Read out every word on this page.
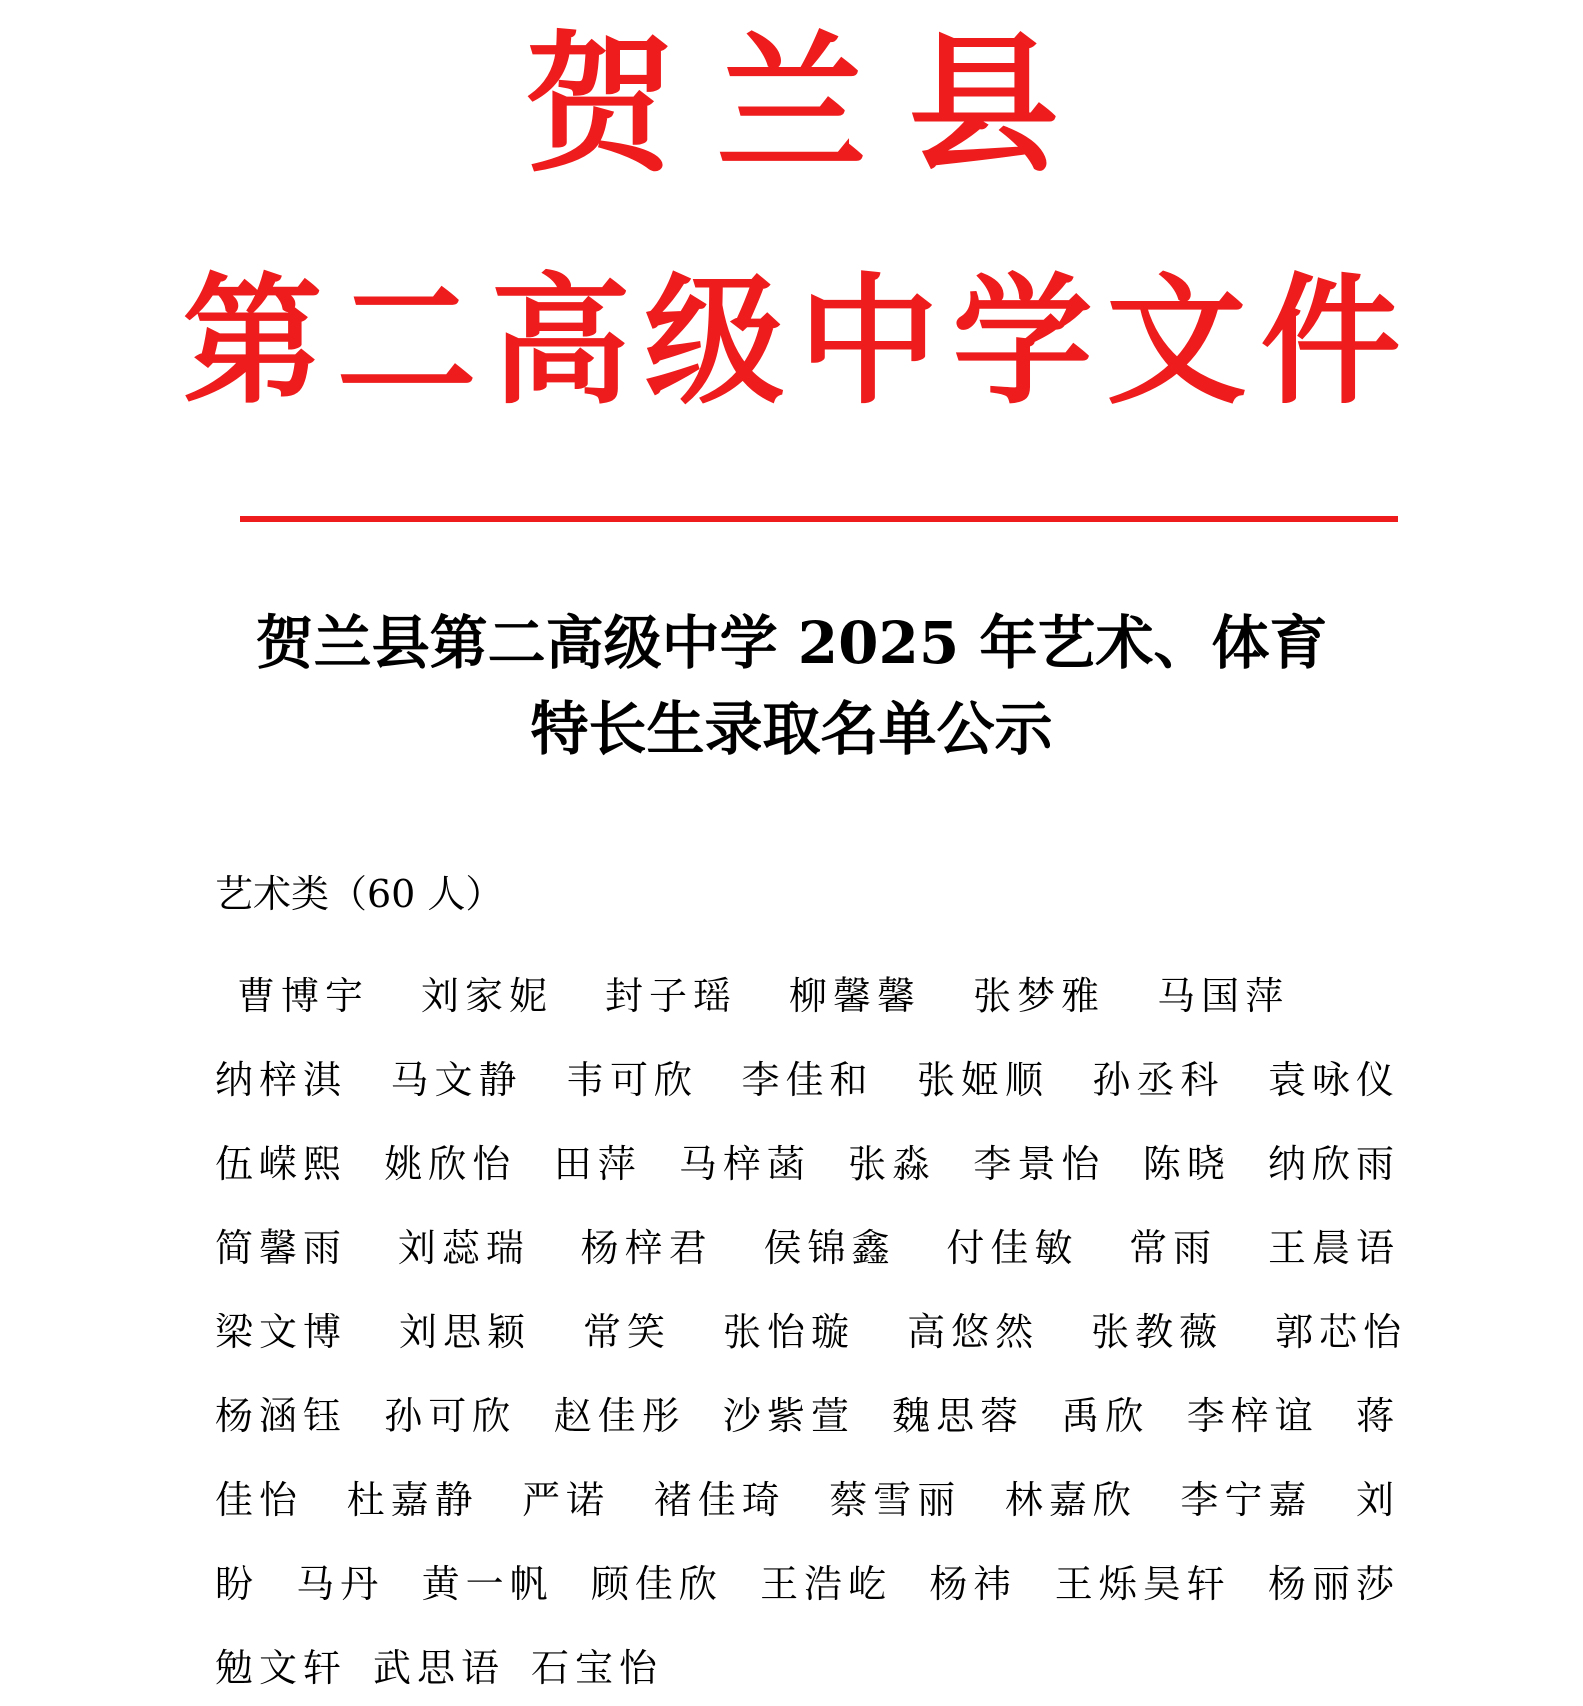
贺兰县
第二高级中学文件
贺兰县第二高级中学 2025 年艺术、体育
特长生录取名单公示
艺术类（60 人）
曹博宇 刘家妮 封子瑶 柳馨馨 张梦雅 马国萍
纳梓淇 马文静 韦可欣 李佳和 张姬顺 孙丞科 袁咏仪
伍嵘熙 姚欣怡 田萍 马梓菡 张淼 李景怡 陈晓 纳欣雨
简馨雨 刘蕊瑞 杨梓君 侯锦鑫 付佳敏 常雨 王晨语
梁文博 刘思颖 常笑 张怡璇 高悠然 张教薇 郭芯怡
杨涵钰 孙可欣 赵佳彤 沙紫萱 魏思蓉 禹欣 李梓谊 蒋
佳怡 杜嘉静 严诺 褚佳琦 蔡雪丽 林嘉欣 李宁嘉 刘
盼 马丹 黄一帆 顾佳欣 王浩屹 杨祎 王烁昊轩 杨丽莎
勉文轩 武思语 石宝怡
